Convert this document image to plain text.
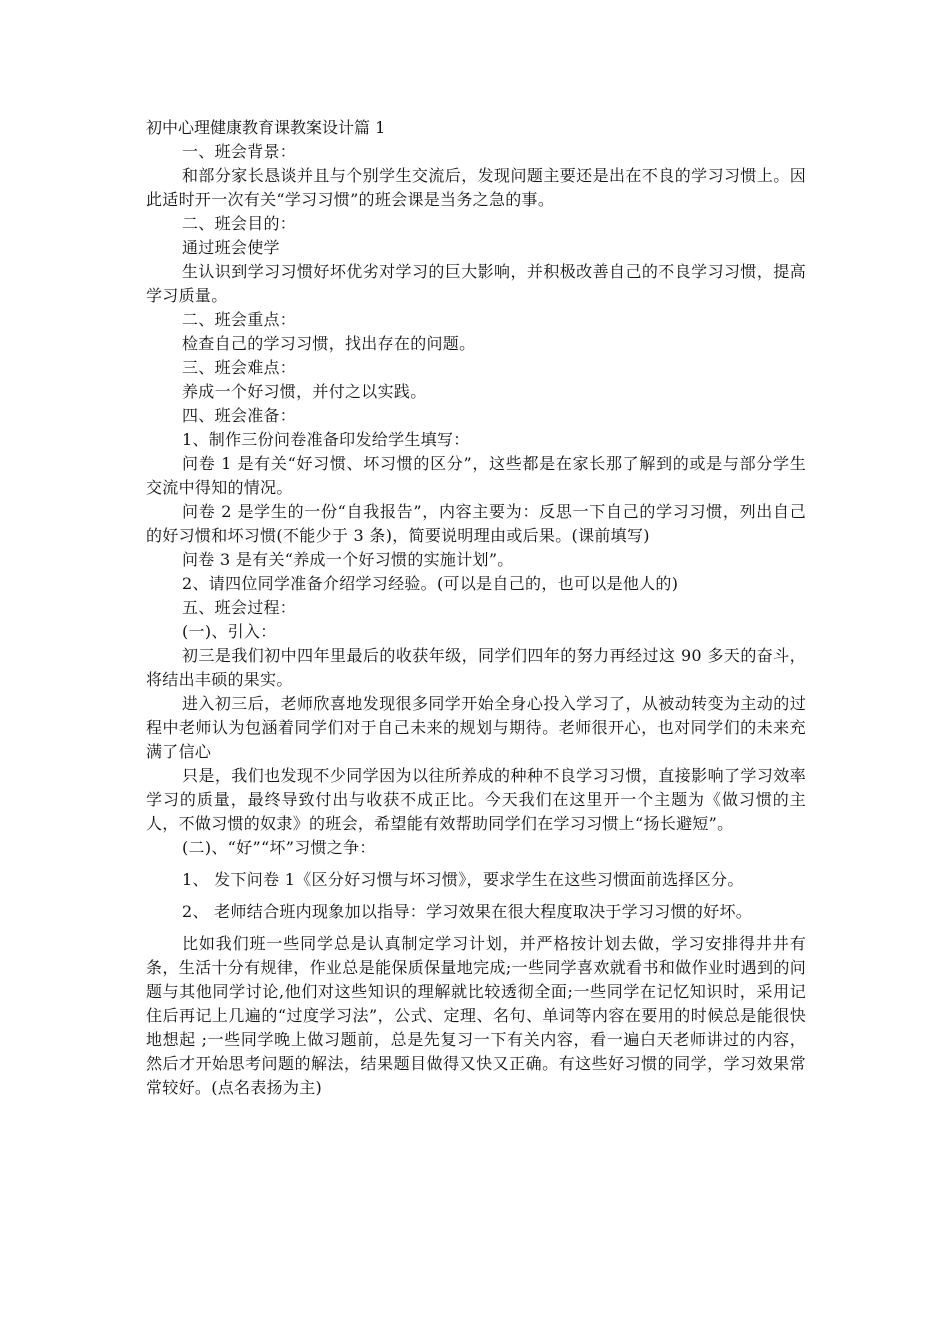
初中心理健康教育课教案设计篇 1

一、班会背景：

和部分家长恳谈并且与个别学生交流后，发现问题主要还是出在不良的学习习惯上。因此适时开一次有关“学习习惯”的班会课是当务之急的事。

二、班会目的：

通过班会使学

生认识到学习习惯好坏优劣对学习的巨大影响，并积极改善自己的不良学习习惯，提高学习质量。

二、班会重点：

检查自己的学习习惯，找出存在的问题。

三、班会难点：

养成一个好习惯，并付之以实践。

四、班会准备：

1、制作三份问卷准备印发给学生填写：

问卷 1 是有关“好习惯、坏习惯的区分”，这些都是在家长那了解到的或是与部分学生交流中得知的情况。

问卷 2 是学生的一份“自我报告”，内容主要为：反思一下自己的学习习惯，列出自己的好习惯和坏习惯(不能少于 3 条)，简要说明理由或后果。(课前填写)

问卷 3 是有关“养成一个好习惯的实施计划”。

2、请四位同学准备介绍学习经验。(可以是自己的，也可以是他人的)

五、班会过程：

(一)、引入：

初三是我们初中四年里最后的收获年级，同学们四年的努力再经过这 90 多天的奋斗，将结出丰硕的果实。

进入初三后，老师欣喜地发现很多同学开始全身心投入学习了，从被动转变为主动的过程中老师认为包涵着同学们对于自己未来的规划与期待。老师很开心，也对同学们的未来充满了信心

只是，我们也发现不少同学因为以往所养成的种种不良学习习惯，直接影响了学习效率学习的质量，最终导致付出与收获不成正比。今天我们在这里开一个主题为《做习惯的主人，不做习惯的奴隶》的班会，希望能有效帮助同学们在学习习惯上“扬长避短”。

(二)、“好”“坏”习惯之争：

1、 发下问卷 1《区分好习惯与坏习惯》，要求学生在这些习惯面前选择区分。

2、 老师结合班内现象加以指导：学习效果在很大程度取决于学习习惯的好坏。

比如我们班一些同学总是认真制定学习计划，并严格按计划去做，学习安排得井井有条，生活十分有规律，作业总是能保质保量地完成;一些同学喜欢就看书和做作业时遇到的问题与其他同学讨论,他们对这些知识的理解就比较透彻全面;一些同学在记忆知识时，采用记住后再记上几遍的“过度学习法”，公式、定理、名句、单词等内容在要用的时候总是能很快地想起 ;一些同学晚上做习题前，总是先复习一下有关内容，看一遍白天老师讲过的内容，然后才开始思考问题的解法，结果题目做得又快又正确。有这些好习惯的同学，学习效果常常较好。(点名表扬为主)
